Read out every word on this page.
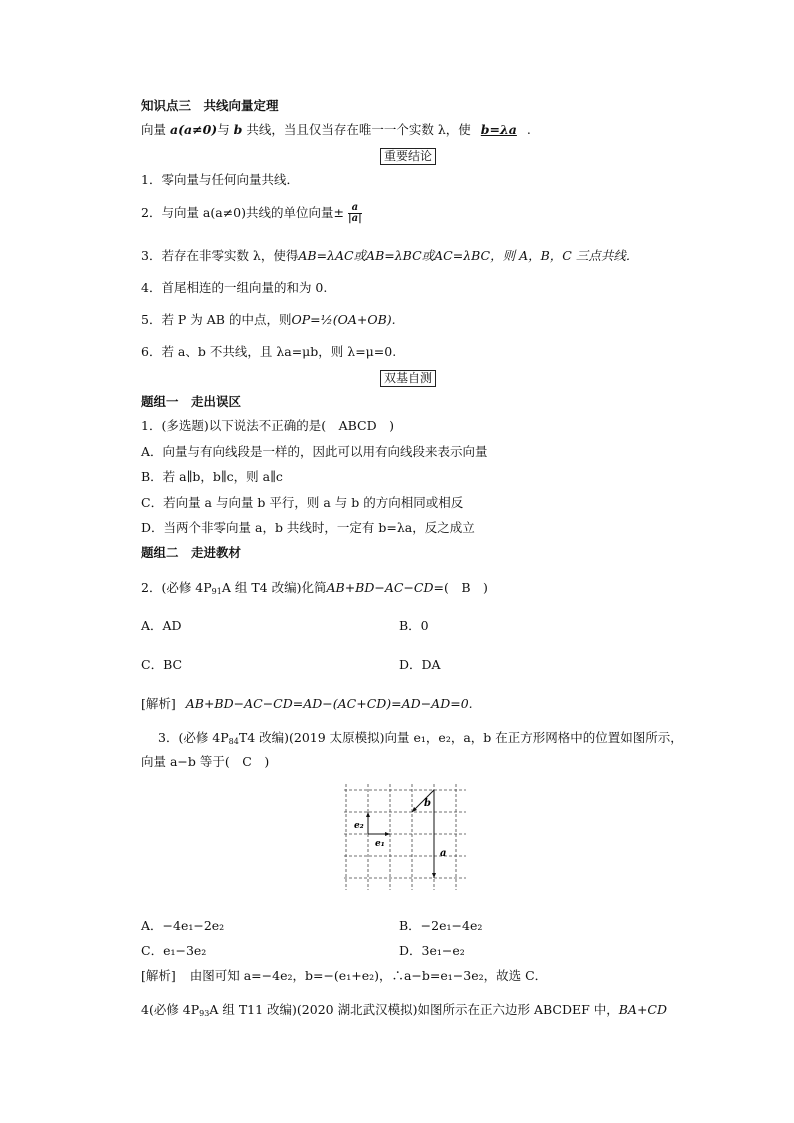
知识点三　共线向量定理
向量 a(a≠0)与 b 共线，当且仅当存在唯一一个实数 λ，使 b=λa .
重要结论
1．零向量与任何向量共线．
2．与向量 a(a≠0)共线的单位向量± $\frac{a}{|a|}$
3．若存在非零实数 λ，使得AB=λAC或AB=λBC或AC=λBC，则 A，B，C 三点共线．
4．首尾相连的一组向量的和为 0.
5．若 P 为 AB 的中点，则OP=½(OA+OB).
6．若 a、b 不共线，且 λa=μb，则 λ=μ=0.
双基自测
题组一　走出误区
1．(多选题)以下说法不正确的是(　ABCD　)
A．向量与有向线段是一样的，因此可以用有向线段来表示向量
B．若 a∥b，b∥c，则 a∥c
C．若向量 a 与向量 b 平行，则 a 与 b 的方向相同或相反
D．当两个非零向量 a，b 共线时，一定有 b=λa，反之成立
题组二　走进教材
2．(必修 $4P_{91}A$ 组 T4 改编)化简AB+BD−AC−CD=(　B　)
A．AD	B．0
C．BC	D．DA
[解析] AB+BD−AC−CD=AD−(AC+CD)=AD−AD=0.
3．(必修 $4P_{84}T4$ 改编)(2019 太原模拟)向量 e₁，e₂，a，b 在正方形网格中的位置如图所示，
向量 a−b 等于(　C　)
e₂
e₁
a
b
A．−4e₁−2e₂	B．−2e₁−4e₂
C．e₁−3e₂	D．3e₁−e₂
[解析] 由图可知 a=−4e₂，b=−(e₁+e₂)，∴a−b=e₁−3e₂，故选 C．
4(必修 $4P_{93}A$ 组 T11 改编)(2020 湖北武汉模拟)如图所示在正六边形 ABCDEF 中，BA+CD
